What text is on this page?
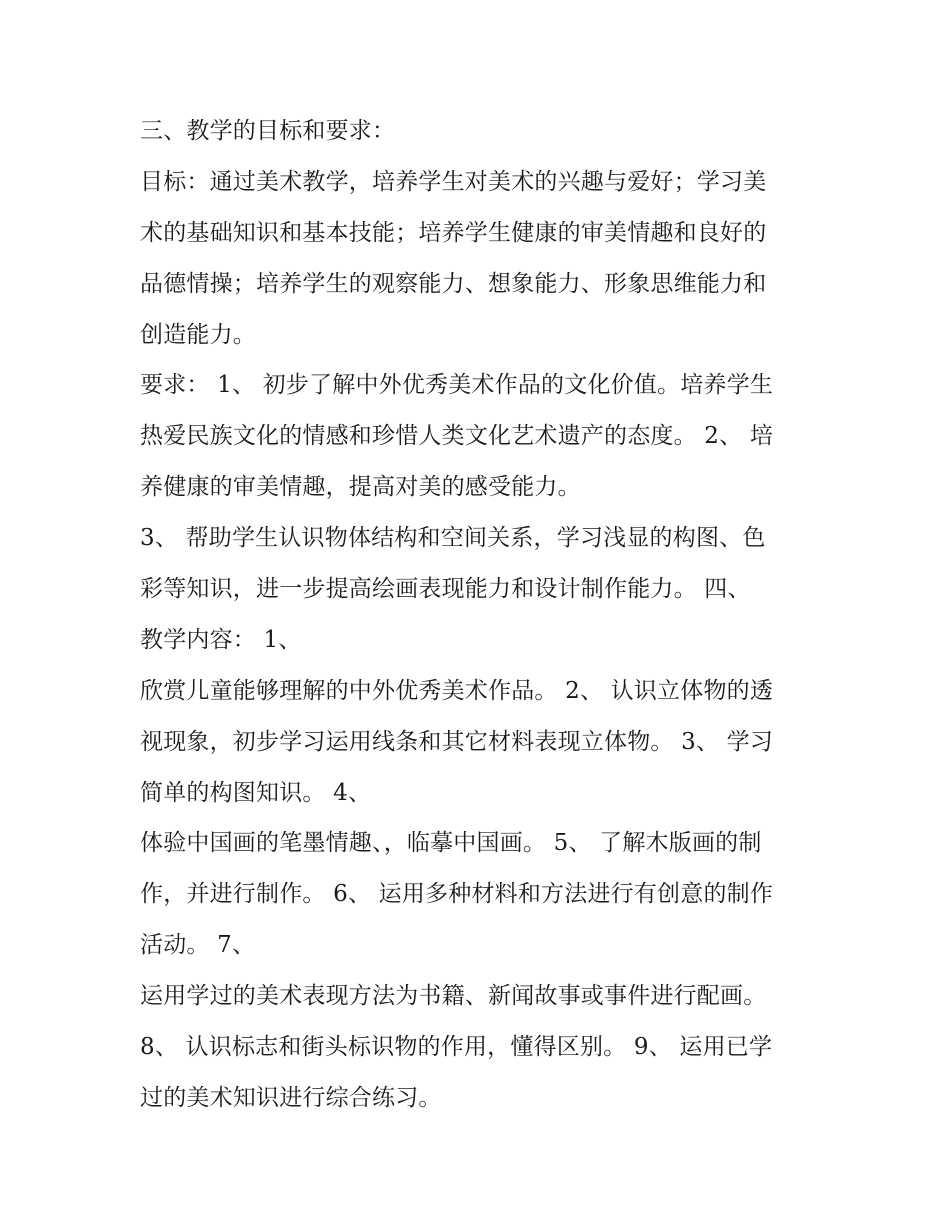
三、教学的目标和要求：
目标：通过美术教学，培养学生对美术的兴趣与爱好；学习美
术的基础知识和基本技能；培养学生健康的审美情趣和良好的
品德情操；培养学生的观察能力、想象能力、形象思维能力和
创造能力。
要求： 1、 初步了解中外优秀美术作品的文化价值。培养学生
热爱民族文化的情感和珍惜人类文化艺术遗产的态度。 2、 培
养健康的审美情趣，提高对美的感受能力。
3、 帮助学生认识物体结构和空间关系，学习浅显的构图、色
彩等知识，进一步提高绘画表现能力和设计制作能力。 四、
教学内容： 1、
欣赏儿童能够理解的中外优秀美术作品。 2、 认识立体物的透
视现象，初步学习运用线条和其它材料表现立体物。 3、 学习
简单的构图知识。 4、
体验中国画的笔墨情趣、，临摹中国画。 5、 了解木版画的制
作，并进行制作。 6、 运用多种材料和方法进行有创意的制作
活动。 7、
运用学过的美术表现方法为书籍、新闻故事或事件进行配画。
8、 认识标志和街头标识物的作用，懂得区别。 9、 运用已学
过的美术知识进行综合练习。
